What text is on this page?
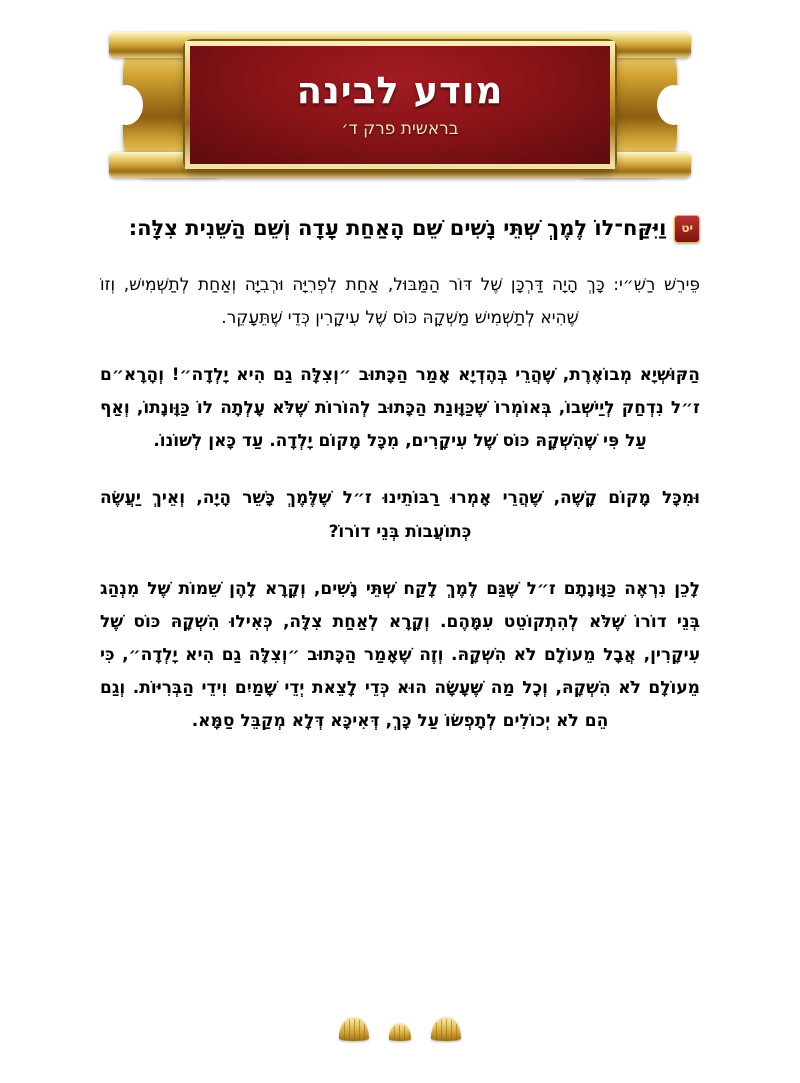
מודע לבינה
בראשית פרק ד׳

יטוַיִּקַּח־לוֹ לֶמֶךְ שְׁתֵּי נָשִׁים שֵׁם הָאַחַת עָדָה וְשֵׁם הַשֵּׁנִית צִלָּה:

פֵּירֵשׁ רַשִׁ״י: כָּךְ הָיָה דַּרְכָּן שֶׁל דּוֹר הַמַּבּוּל, אַחַת לִפְרִיָּה וּרְבִיָּה וְאַחַת לְתַשְׁמִישׁ, וְזוֹ שֶׁהִיא לְתַשְׁמִישׁ מַשְׁקָהּ כּוֹס שֶׁל עִיקָרִין כְּדֵי שֶׁתֵּעָקֵר.

הַקּוּשְׁיָא מְבוֹאֶרֶת, שֶׁהֲרֵי בְּהֶדְיָא אָמַר הַכָּתוּב ״וְצִלָּה גַם הִיא יָלְדָה״! וְהָרָא״ם ז״ל נִדְחַק לְיַישְּׁבוֹ, בְּאוֹמְרוֹ שֶׁכַּוָּונַת הַכָּתוּב לְהוֹרוֹת שֶׁלֹּא עָלְתָה לוֹ כַּוָּונָתוֹ, וְאַף עַל פִּי שֶׁהִשְׁקָהּ כּוֹס שֶׁל עִיקָרִים, מִכָּל מָקוֹם יָלְדָה. עַד כָּאן לְשׁוֹנוֹ.

וּמִכָּל מָקוֹם קָשֶׁה, שֶׁהֲרֵי אָמְרוּ רַבּוֹתֵינוּ ז״ל שֶׁלֶּמֶךְ כָּשֵׁר הָיָה, וְאֵיךְ יַעֲשֶׂה כְּתוֹעֲבוֹת בְּנֵי דוֹרוֹ?

לָכֵן נִרְאֶה כַּוָּונָתָם ז״ל שֶׁגַּם לֶמֶךְ לָקַח שְׁתֵּי נָשִׁים, וְקָרָא לָהֶן שֵׁמוֹת שֶׁל מִנְהַג בְּנֵי דוֹרוֹ שֶׁלֹּא לְהִתְקוֹטֵט עִמָּהֶם. וְקָרָא לְאַחַת צִלָּה, כְּאִילוּ הִשְׁקָהּ כּוֹס שֶׁל עִיקָרִין, אֲבָל מֵעוֹלָם לֹא הִשְׁקָהּ. וְזֶה שֶׁאָמַר הַכָּתוּב ״וְצִלָּה גַם הִיא יָלְדָה״, כִּי מֵעוֹלָם לֹא הִשְׁקָהּ, וְכָל מַה שֶּׁעָשָׂה הוּא כְּדֵי לָצֵאת יְדֵי שָׁמַיִם וִידֵי הַבְּרִיּוֹת. וְגַם הֵם לֹא יְכוֹלִים לְתָפְשׂוֹ עַל כָּךְ, דְּאִיכָּא דְּלָא מְקַבֵּל סַמָּא.
